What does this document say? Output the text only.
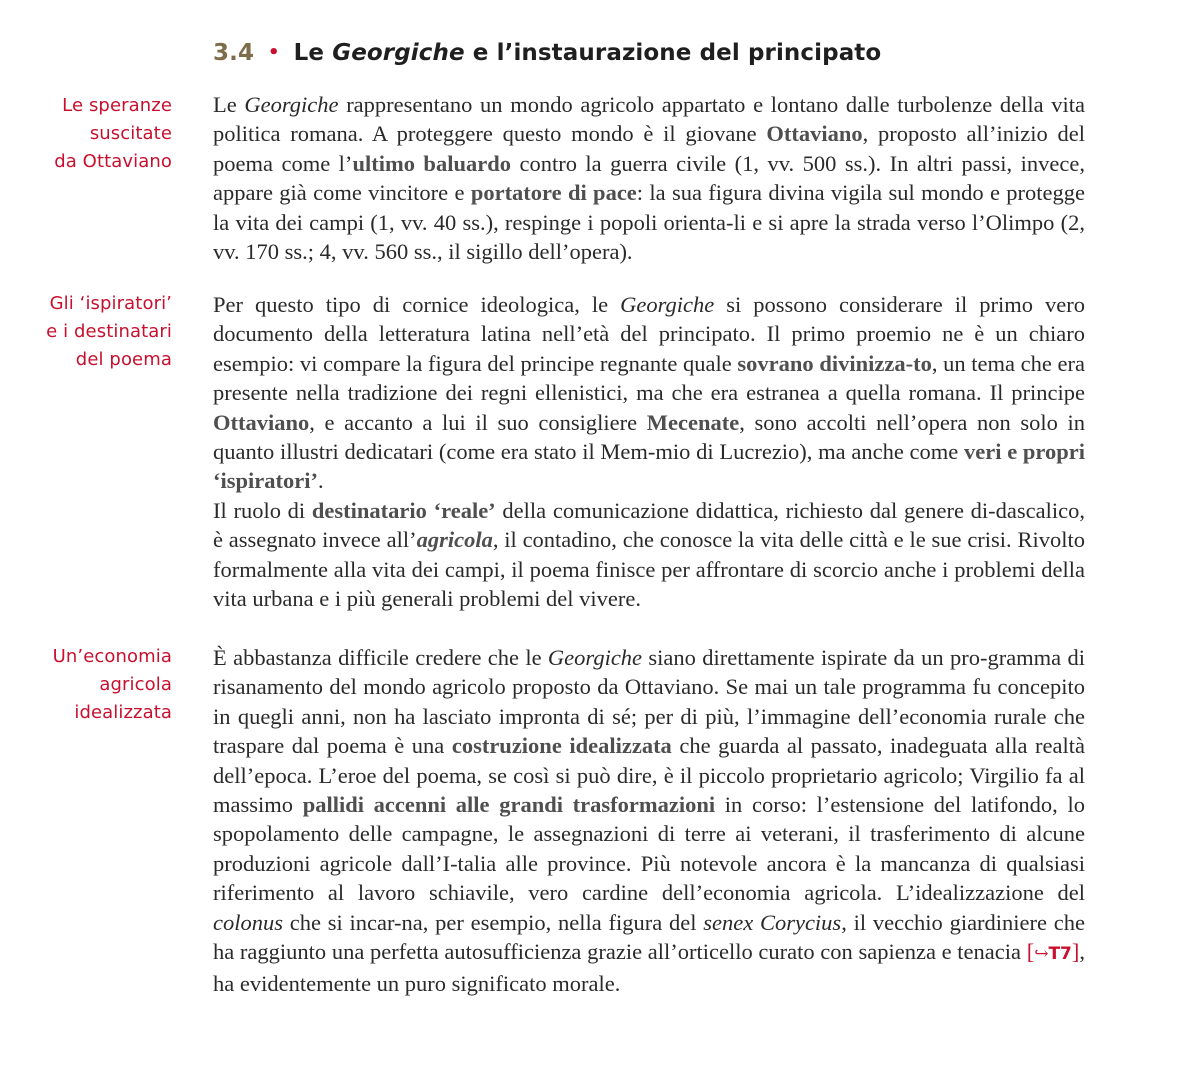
3.4 • Le Georgiche e l’instaurazione del principato
Le speranze
suscitate
da Ottaviano
Gli ‘ispiratori’
e i destinatari
del poema
Un’economia
agricola
idealizzata

Le Georgiche rappresentano un mondo agricolo appartato e lontano dalle turbolenze della vita politica romana. A proteggere questo mondo è il giovane Ottaviano, proposto all’inizio del poema come l’ultimo baluardo contro la guerra civile (1, vv. 500 ss.). In altri passi, invece, appare già come vincitore e portatore di pace: la sua figura divina vigila sul mondo e protegge la vita dei campi (1, vv. 40 ss.), respinge i popoli orienta-li e si apre la strada verso l’Olimpo (2, vv. 170 ss.; 4, vv. 560 ss., il sigillo dell’opera).

Per questo tipo di cornice ideologica, le Georgiche si possono considerare il primo vero documento della letteratura latina nell’età del principato. Il primo proemio ne è un chiaro esempio: vi compare la figura del principe regnante quale sovrano divinizza-to, un tema che era presente nella tradizione dei regni ellenistici, ma che era estranea a quella romana. Il principe Ottaviano, e accanto a lui il suo consigliere Mecenate, sono accolti nell’opera non solo in quanto illustri dedicatari (come era stato il Mem-mio di Lucrezio), ma anche come veri e propri ‘ispiratori’.
Il ruolo di destinatario ‘reale’ della comunicazione didattica, richiesto dal genere di-dascalico, è assegnato invece all’agricola, il contadino, che conosce la vita delle città e le sue crisi. Rivolto formalmente alla vita dei campi, il poema finisce per affrontare di scorcio anche i problemi della vita urbana e i più generali problemi del vivere.

È abbastanza difficile credere che le Georgiche siano direttamente ispirate da un pro-gramma di risanamento del mondo agricolo proposto da Ottaviano. Se mai un tale programma fu concepito in quegli anni, non ha lasciato impronta di sé; per di più, l’immagine dell’economia rurale che traspare dal poema è una costruzione idealizzata che guarda al passato, inadeguata alla realtà dell’epoca. L’eroe del poema, se così si può dire, è il piccolo proprietario agricolo; Virgilio fa al massimo pallidi accenni alle grandi trasformazioni in corso: l’estensione del latifondo, lo spopolamento delle campagne, le assegnazioni di terre ai veterani, il trasferimento di alcune produzioni agricole dall’I-talia alle province. Più notevole ancora è la mancanza di qualsiasi riferimento al lavoro schiavile, vero cardine dell’economia agricola. L’idealizzazione del colonus che si incar-na, per esempio, nella figura del senex Corycius, il vecchio giardiniere che ha raggiunto una perfetta autosufficienza grazie all’orticello curato con sapienza e tenacia [↪T7], ha evidentemente un puro significato morale.
